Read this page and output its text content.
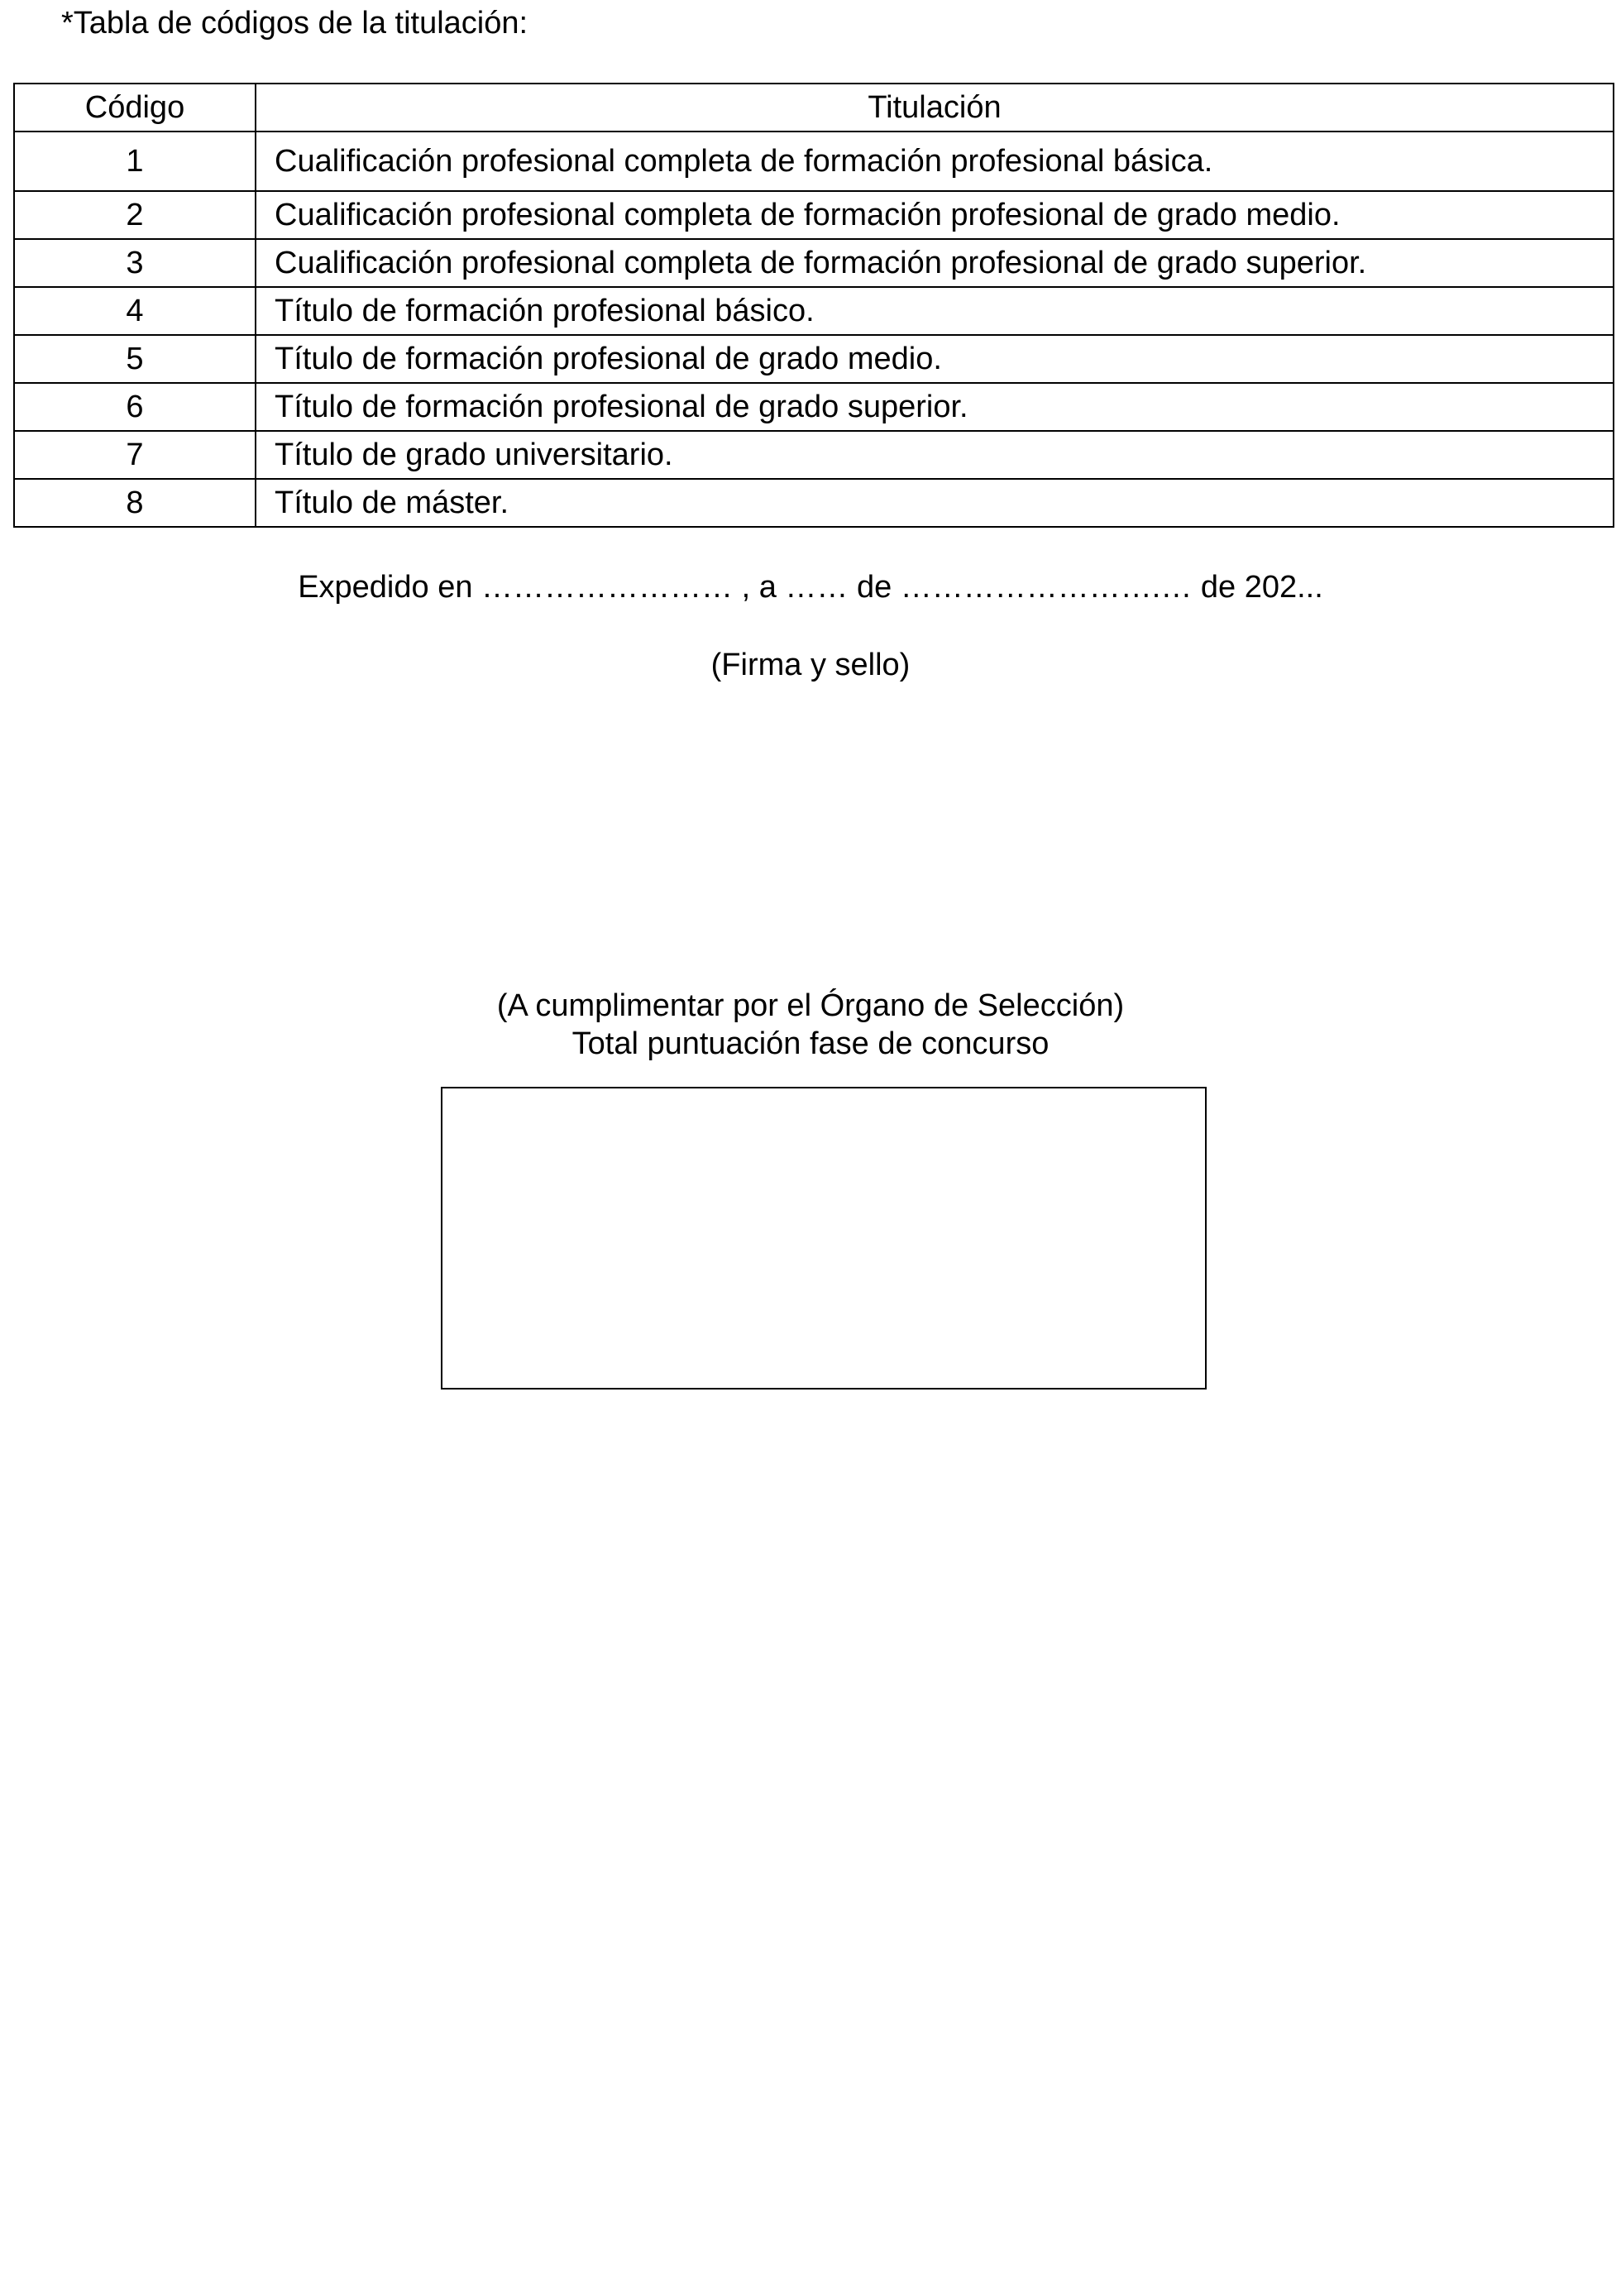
*Tabla de códigos de la titulación:
Código	Titulación
1	Cualificación profesional completa de formación profesional básica.
2	Cualificación profesional completa de formación profesional de grado medio.
3	Cualificación profesional completa de formación profesional de grado superior.
4	Título de formación profesional básico.
5	Título de formación profesional de grado medio.
6	Título de formación profesional de grado superior.
7	Título de grado universitario.
8	Título de máster.
Expedido en …………………… , a …… de …………………….… de 202...
(Firma y sello)
(A cumplimentar por el Órgano de Selección)
Total puntuación fase de concurso
